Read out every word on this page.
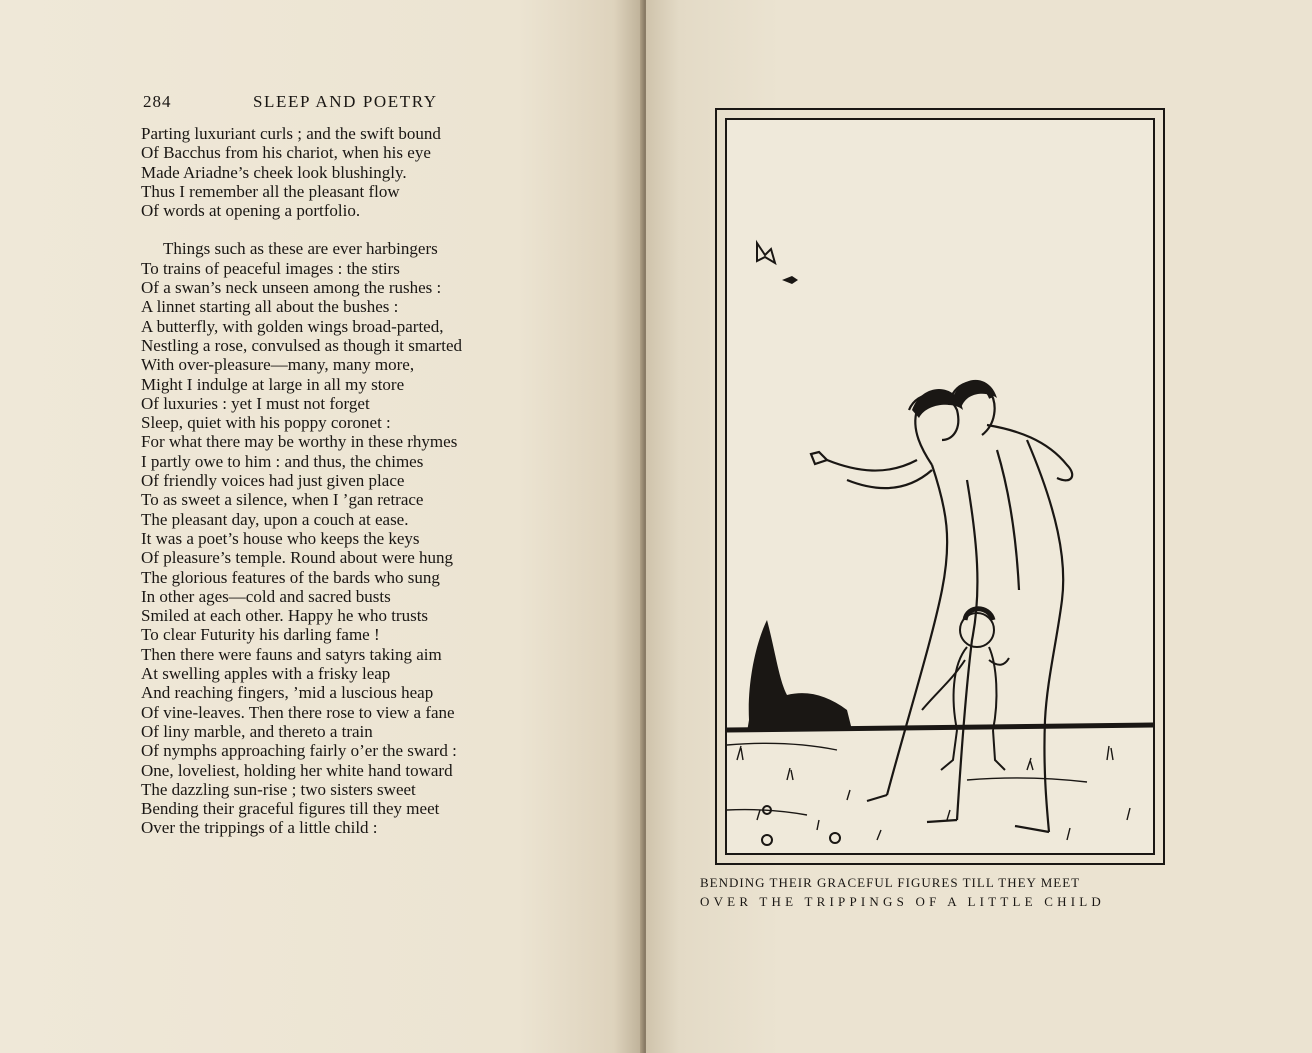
284	SLEEP AND POETRY
Parting luxuriant curls ; and the swift bound
Of Bacchus from his chariot, when his eye
Made Ariadne’s cheek look blushingly.
Thus I remember all the pleasant flow
Of words at opening a portfolio.
Things such as these are ever harbingers
To trains of peaceful images : the stirs
Of a swan’s neck unseen among the rushes :
A linnet starting all about the bushes :
A butterfly, with golden wings broad-parted,
Nestling a rose, convulsed as though it smarted
With over-pleasure—many, many more,
Might I indulge at large in all my store
Of luxuries : yet I must not forget
Sleep, quiet with his poppy coronet :
For what there may be worthy in these rhymes
I partly owe to him : and thus, the chimes
Of friendly voices had just given place
To as sweet a silence, when I ’gan retrace
The pleasant day, upon a couch at ease.
It was a poet’s house who keeps the keys
Of pleasure’s temple. Round about were hung
The glorious features of the bards who sung
In other ages—cold and sacred busts
Smiled at each other. Happy he who trusts
To clear Futurity his darling fame !
Then there were fauns and satyrs taking aim
At swelling apples with a frisky leap
And reaching fingers, ’mid a luscious heap
Of vine-leaves. Then there rose to view a fane
Of liny marble, and thereto a train
Of nymphs approaching fairly o’er the sward :
One, loveliest, holding her white hand toward
The dazzling sun-rise ; two sisters sweet
Bending their graceful figures till they meet
Over the trippings of a little child :
BENDING THEIR GRACEFUL FIGURES TILL THEY MEET
OVER THE TRIPPINGS OF A LITTLE CHILD
